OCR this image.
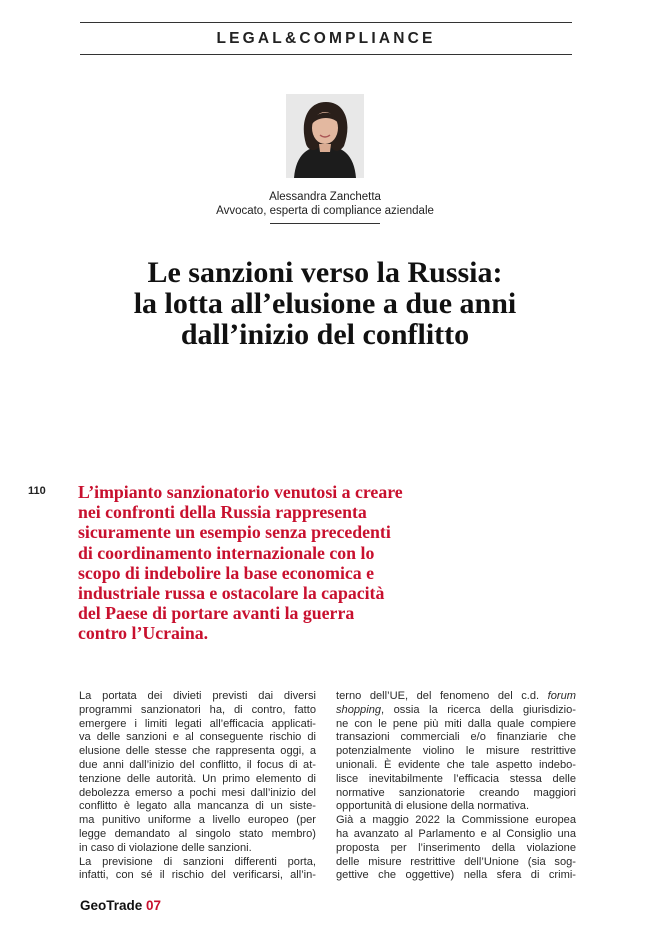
LEGAL&COMPLIANCE
Alessandra Zanchetta
Avvocato, esperta di compliance aziendale
Le sanzioni verso la Russia:
la lotta all’elusione a due anni
dall’inizio del conflitto
110 L’impianto sanzionatorio venutosi a creare
nei confronti della Russia rappresenta
sicuramente un esempio senza precedenti
di coordinamento internazionale con lo
scopo di indebolire la base economica e
industriale russa e ostacolare la capacità
del Paese di portare avanti la guerra
contro l’Ucraina.
La portata dei divieti previsti dai diversi
programmi sanzionatori ha, di contro, fatto
emergere i limiti legati all’efficacia applicati-
va delle sanzioni e al conseguente rischio di
elusione delle stesse che rappresenta oggi, a
due anni dall’inizio del conflitto, il focus di at-
tenzione delle autorità. Un primo elemento di
debolezza emerso a pochi mesi dall’inizio del
conflitto è legato alla mancanza di un siste-
ma punitivo uniforme a livello europeo (per
legge demandato al singolo stato membro)
in caso di violazione delle sanzioni.
La previsione di sanzioni differenti porta,
infatti, con sé il rischio del verificarsi, all’in-
terno dell’UE, del fenomeno del c.d. forum
shopping, ossia la ricerca della giurisdizio-
ne con le pene più miti dalla quale compiere
transazioni commerciali e/o finanziarie che
potenzialmente violino le misure restrittive
unionali. È evidente che tale aspetto indebo-
lisce inevitabilmente l’efficacia stessa delle
normative sanzionatorie creando maggiori
opportunità di elusione della normativa.
Già a maggio 2022 la Commissione europea
ha avanzato al Parlamento e al Consiglio una
proposta per l’inserimento della violazione
delle misure restrittive dell’Unione (sia sog-
gettive che oggettive) nella sfera di crimi-
GeoTrade 07
